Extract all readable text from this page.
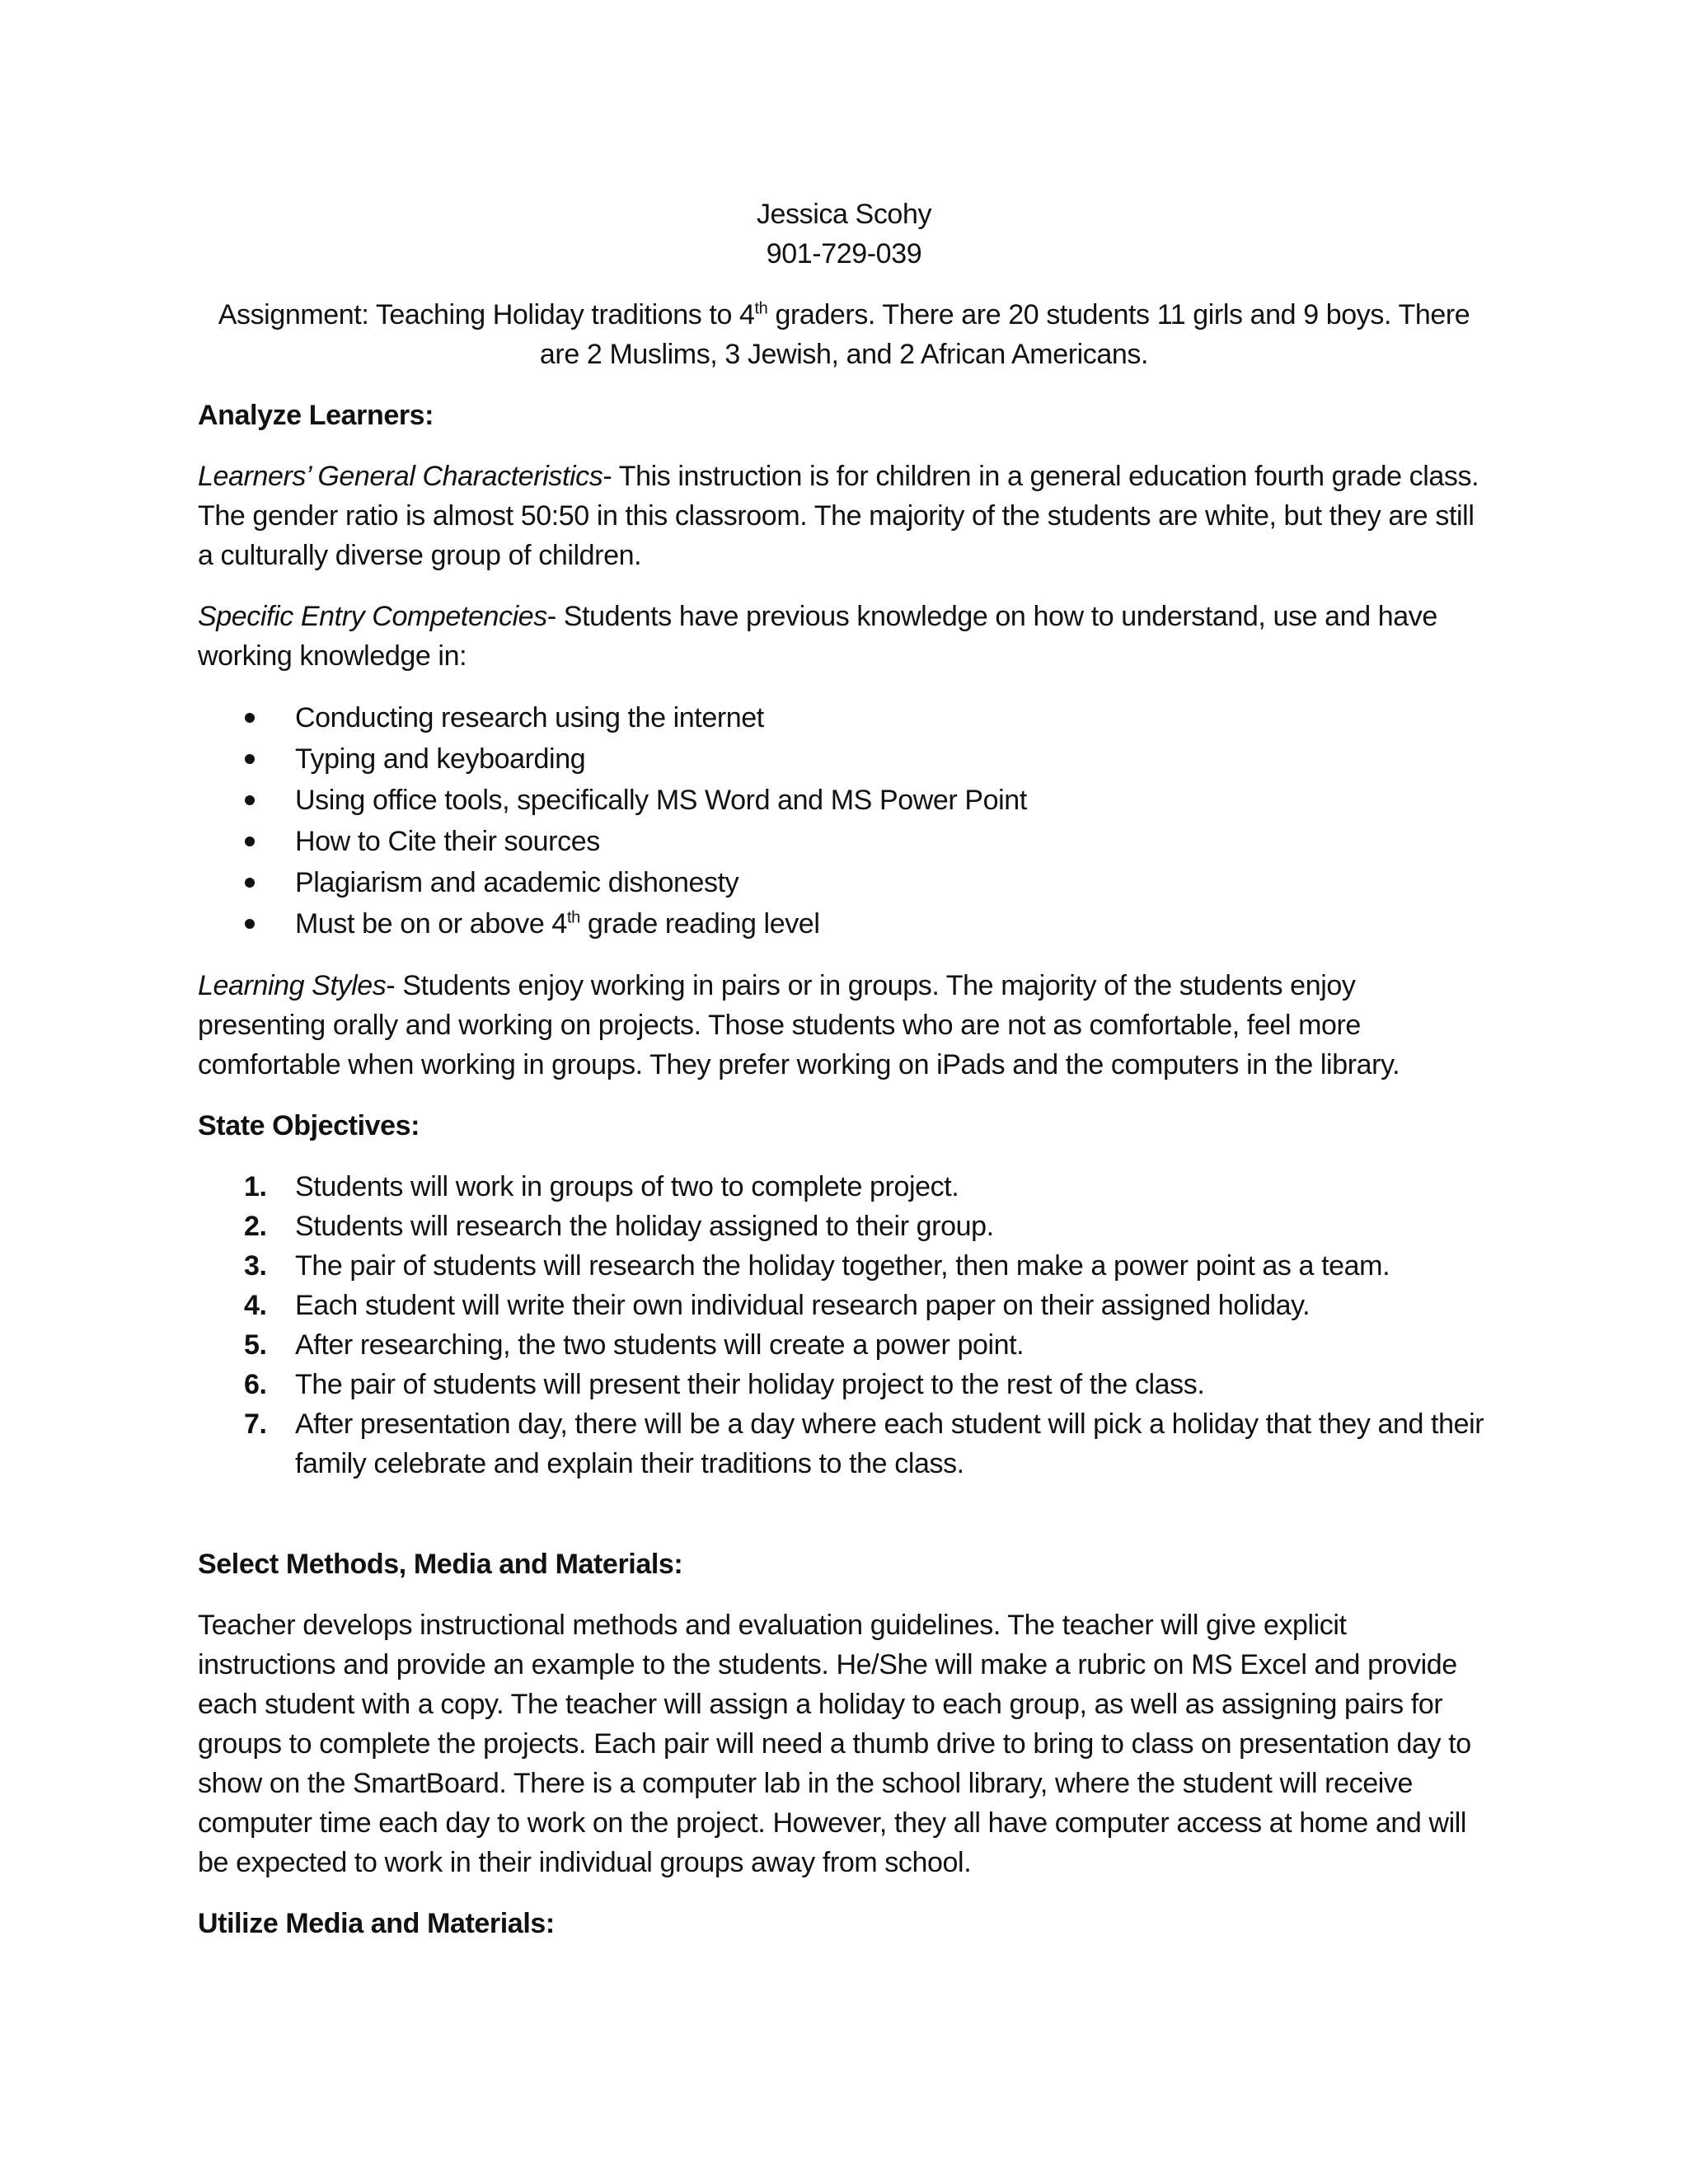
Jessica Scohy
901-729-039
Assignment: Teaching Holiday traditions to 4th graders. There are 20 students 11 girls and 9 boys. There are 2 Muslims, 3 Jewish, and 2 African Americans.
Analyze Learners:
Learners’ General Characteristics- This instruction is for children in a general education fourth grade class. The gender ratio is almost 50:50 in this classroom. The majority of the students are white, but they are still a culturally diverse group of children.
Specific Entry Competencies- Students have previous knowledge on how to understand, use and have working knowledge in:
Conducting research using the internet
Typing and keyboarding
Using office tools, specifically MS Word and MS Power Point
How to Cite their sources
Plagiarism and academic dishonesty
Must be on or above 4th grade reading level
Learning Styles- Students enjoy working in pairs or in groups. The majority of the students enjoy presenting orally and working on projects. Those students who are not as comfortable, feel more comfortable when working in groups. They prefer working on iPads and the computers in the library.
State Objectives:
1. Students will work in groups of two to complete project.
2. Students will research the holiday assigned to their group.
3. The pair of students will research the holiday together, then make a power point as a team.
4. Each student will write their own individual research paper on their assigned holiday.
5. After researching, the two students will create a power point.
6. The pair of students will present their holiday project to the rest of the class.
7. After presentation day, there will be a day where each student will pick a holiday that they and their family celebrate and explain their traditions to the class.
Select Methods, Media and Materials:
Teacher develops instructional methods and evaluation guidelines. The teacher will give explicit instructions and provide an example to the students. He/She will make a rubric on MS Excel and provide each student with a copy. The teacher will assign a holiday to each group, as well as assigning pairs for groups to complete the projects. Each pair will need a thumb drive to bring to class on presentation day to show on the SmartBoard. There is a computer lab in the school library, where the student will receive computer time each day to work on the project. However, they all have computer access at home and will be expected to work in their individual groups away from school.
Utilize Media and Materials:
